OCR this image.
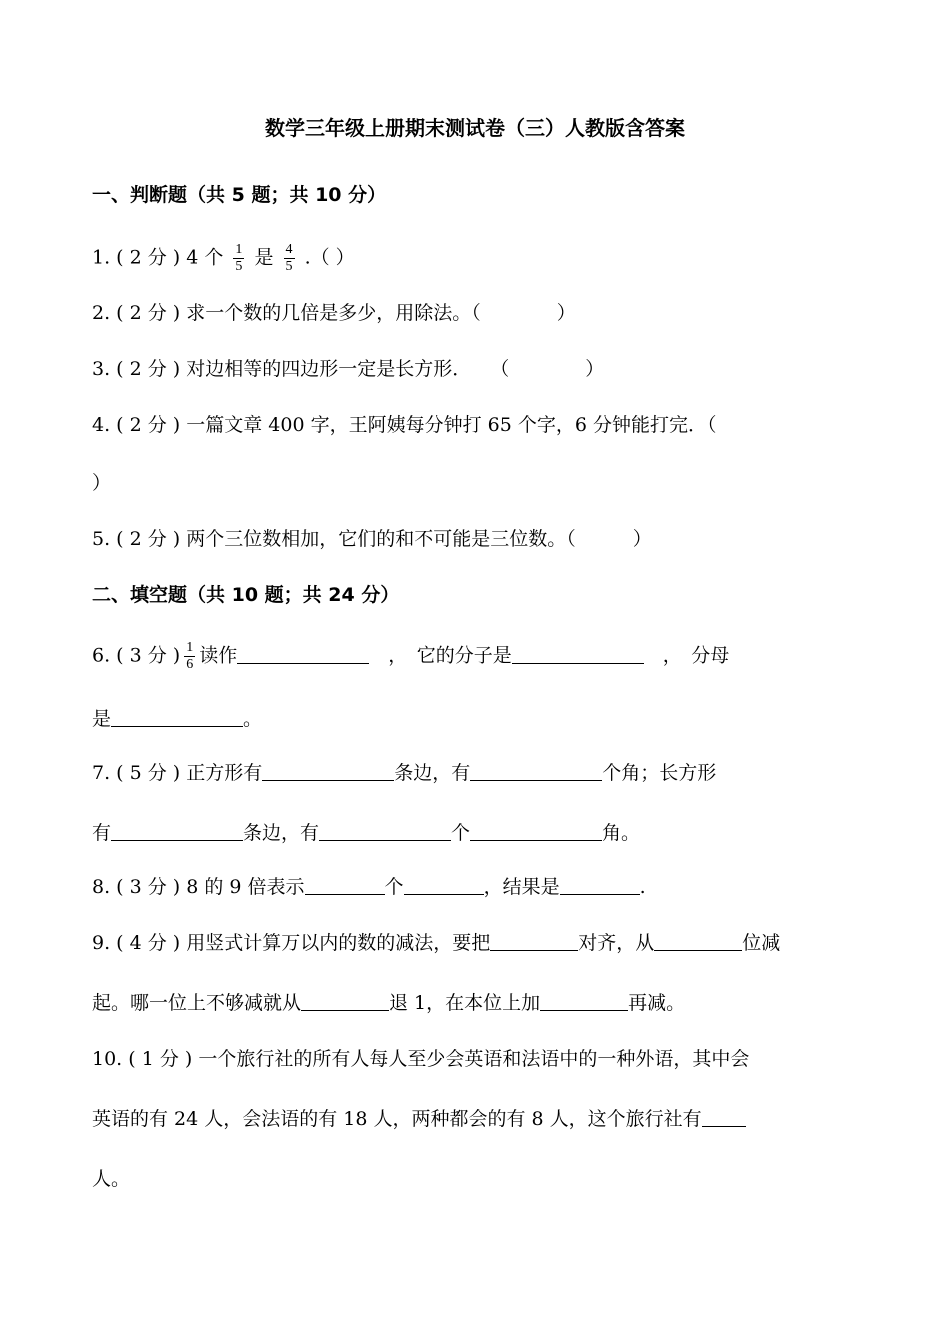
数学三年级上册期末测试卷（三）人教版含答案
一、判断题（共 5 题；共 10 分）
1. ( 2 分 ) 4 个 $\frac{1}{5}$ 是 $\frac{4}{5}$ .（ ）
2. ( 2 分 ) 求一个数的几倍是多少，用除法。（　　　　）
3. ( 2 分 ) 对边相等的四边形一定是长方形．　　（　　　　）
4. ( 2 分 ) 一篇文章 400 字，王阿姨每分钟打 65 个字，6 分钟能打完．（
）
5. ( 2 分 ) 两个三位数相加，它们的和不可能是三位数。（　　　）
二、填空题（共 10 题；共 24 分）
6. ( 3 分 ) $\frac{1}{6}$ 读作　	，　它的分子是　	，　分母
是	。
7. ( 5 分 ) 正方形有	条边，有	个角；长方形
有	条边，有	个	角。
8. ( 3 分 ) 8 的 9 倍表示	个	，结果是	.
9. ( 4 分 ) 用竖式计算万以内的数的减法，要把	对齐，从	位减
起。哪一位上不够减就从	退 1，在本位上加	再减。
10. ( 1 分 ) 一个旅行社的所有人每人至少会英语和法语中的一种外语，其中会
英语的有 24 人，会法语的有 18 人，两种都会的有 8 人，这个旅行社有
人。
